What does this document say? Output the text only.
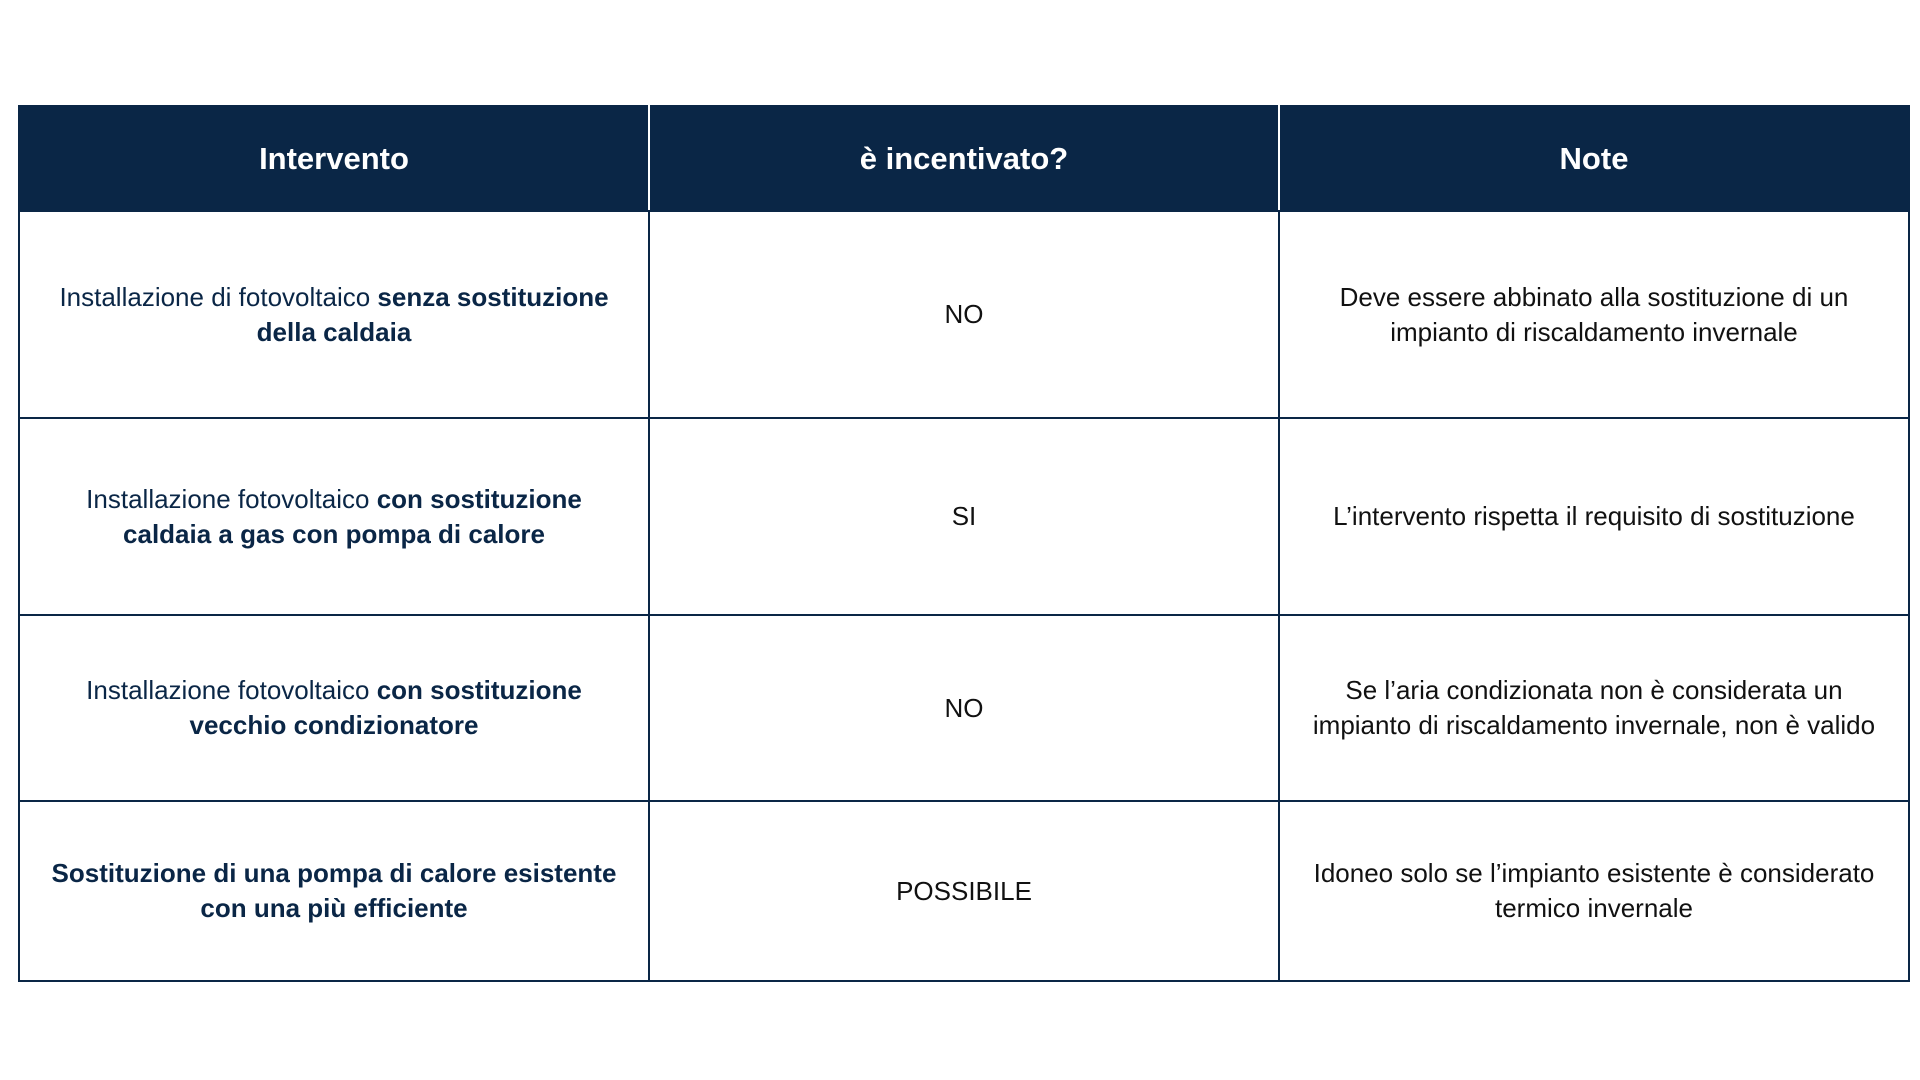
Intervento	è incentivato?	Note
Installazione di fotovoltaico senza sostituzione della caldaia	NO	Deve essere abbinato alla sostituzione di un impianto di riscaldamento invernale
Installazione fotovoltaico con sostituzione caldaia a gas con pompa di calore	SI	L’intervento rispetta il requisito di sostituzione
Installazione fotovoltaico con sostituzione vecchio condizionatore	NO	Se l’aria condizionata non è considerata un impianto di riscaldamento invernale, non è valido
Sostituzione di una pompa di calore esistente con una più efficiente	POSSIBILE	Idoneo solo se l’impianto esistente è considerato termico invernale
